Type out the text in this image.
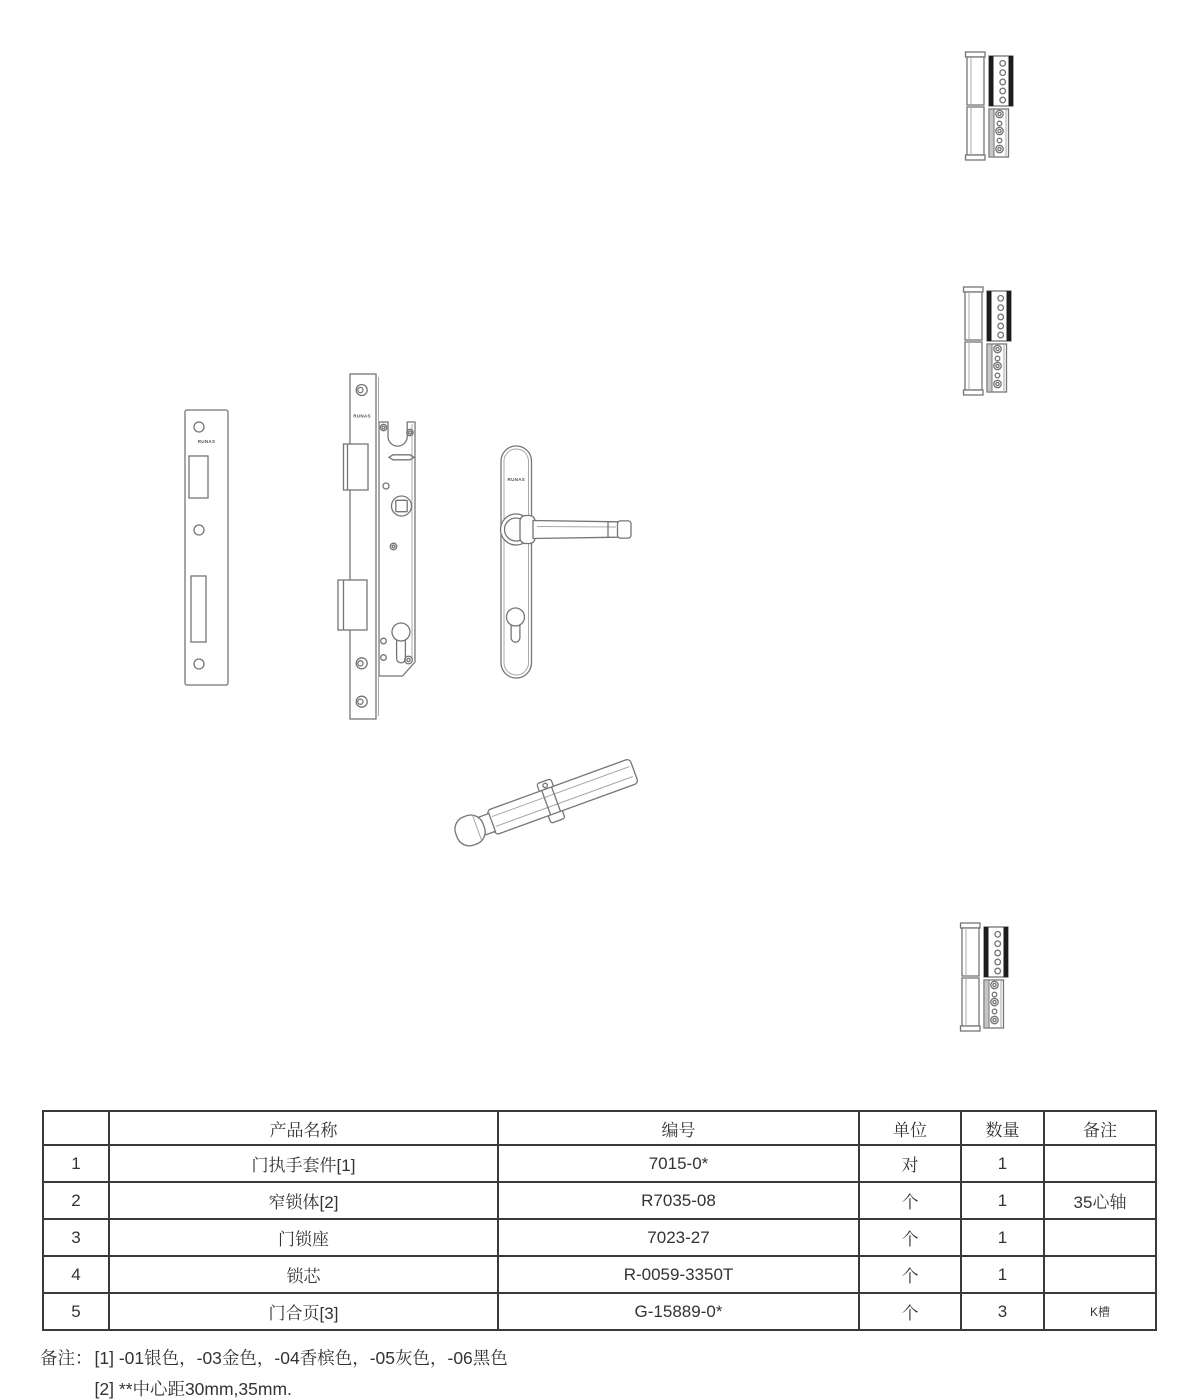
RUNAS
RUNAS
RUNAS
	产品名称	编号	单位	数量	备注
1	门执手套件[1]	7015-0*	对	1	
2	窄锁体[2]	R7035-08	个	1	35心轴
3	门锁座	7023-27	个	1	
4	锁芯	R-0059-3350T	个	1	
5	门合页[3]	G-15889-0*	个	3	K槽
备注： [1] -01银色，-03金色，-04香槟色，-05灰色，-06黑色
[2] **中心距30mm,35mm.
